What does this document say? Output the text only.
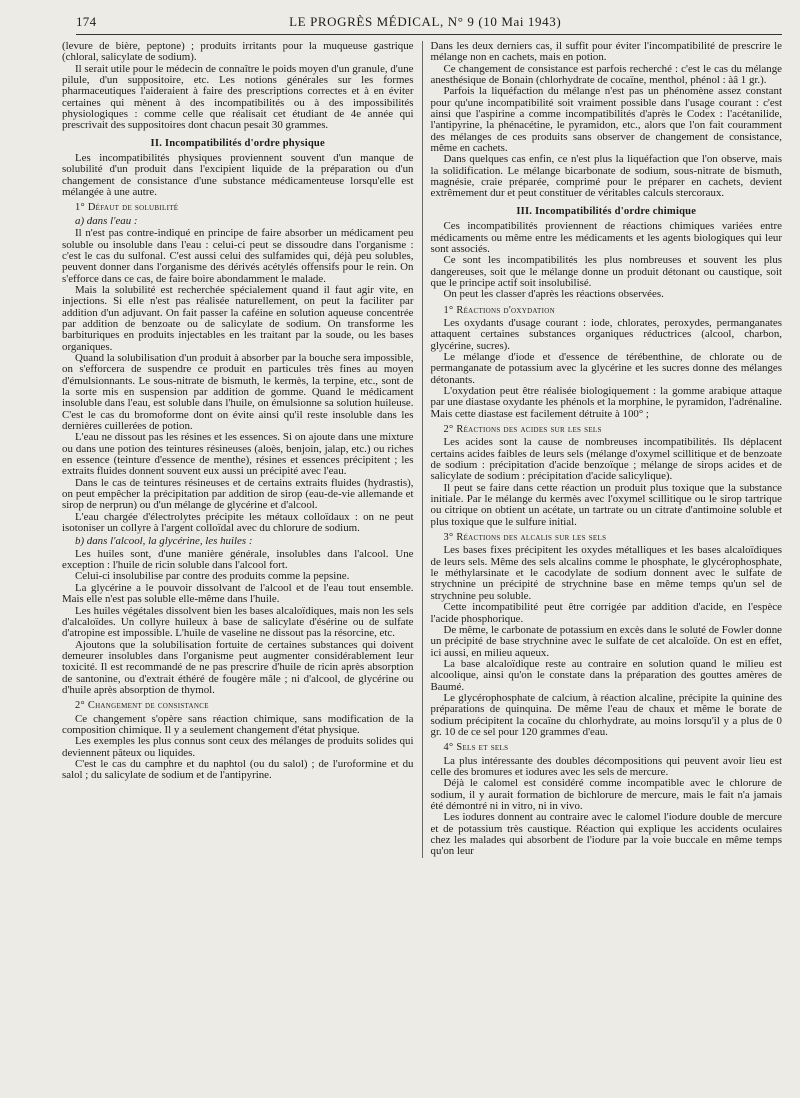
174	LE PROGRÈS MÉDICAL, N° 9 (10 Mai 1943)

(levure de bière, peptone) ; produits irritants pour la muqueuse gastrique (chloral, salicylate de sodium).

Il serait utile pour le médecin de connaître le poids moyen d'un granule, d'une pilule, d'un suppositoire, etc. Les notions générales sur les formes pharmaceutiques l'aideraient à faire des prescriptions correctes et à en éviter certaines qui mènent à des incompatibilités ou à des impossibilités physiologiques : comme celle que réalisait cet étudiant de 4e année qui prescrivait des suppositoires dont chacun pesait 30 grammes.

II. Incompatibilités d'ordre physique

Les incompatibilités physiques proviennent souvent d'un manque de solubilité d'un produit dans l'excipient liquide de la préparation ou d'un changement de consistance d'une substance médicamenteuse lorsqu'elle est mélangée à une autre.

1° Défaut de solubilité
a) dans l'eau :

Il n'est pas contre-indiqué en principe de faire absorber un médicament peu soluble ou insoluble dans l'eau : celui-ci peut se dissoudre dans l'organisme : c'est le cas du sulfonal. C'est aussi celui des sulfamides qui, déjà peu solubles, peuvent donner dans l'organisme des dérivés acétylés offensifs pour le rein. On s'efforce dans ce cas, de faire boire abondamment le malade.

Mais la solubilité est recherchée spécialement quand il faut agir vite, en injections. Si elle n'est pas réalisée naturellement, on peut la faciliter par addition d'un adjuvant. On fait passer la caféine en solution aqueuse concentrée par addition de benzoate ou de salicylate de sodium. On transforme les barbituriques en produits injectables en les traitant par la soude, ou les bases organiques.

Quand la solubilisation d'un produit à absorber par la bouche sera impossible, on s'efforcera de suspendre ce produit en particules très fines au moyen d'émulsionnants. Le sous-nitrate de bismuth, le kermès, la terpine, etc., sont de la sorte mis en suspension par addition de gomme. Quand le médicament insoluble dans l'eau, est soluble dans l'huile, on émulsionne sa solution huileuse. C'est le cas du bromoforme dont on évite ainsi qu'il reste insoluble dans les dernières cuillerées de potion.

L'eau ne dissout pas les résines et les essences. Si on ajoute dans une mixture ou dans une potion des teintures résineuses (aloès, benjoin, jalap, etc.) ou riches en essence (teinture d'essence de menthe), résines et essences précipitent ; les extraits fluides donnent souvent eux aussi un précipité avec l'eau.

Dans le cas de teintures résineuses et de certains extraits fluides (hydrastis), on peut empêcher la précipitation par addition de sirop (eau-de-vie allemande et sirop de nerprun) ou d'un mélange de glycérine et d'alcool.

L'eau chargée d'électrolytes précipite les métaux colloïdaux : on ne peut isotoniser un collyre à l'argent colloïdal avec du chlorure de sodium.

b) dans l'alcool, la glycérine, les huiles :

Les huiles sont, d'une manière générale, insolubles dans l'alcool. Une exception : l'huile de ricin soluble dans l'alcool fort.

Celui-ci insolubilise par contre des produits comme la pepsine.

La glycérine a le pouvoir dissolvant de l'alcool et de l'eau tout ensemble. Mais elle n'est pas soluble elle-même dans l'huile.

Les huiles végétales dissolvent bien les bases alcaloïdiques, mais non les sels d'alcaloïdes. Un collyre huileux à base de salicylate d'ésérine ou de sulfate d'atropine est impossible. L'huile de vaseline ne dissout pas la résorcine, etc.

Ajoutons que la solubilisation fortuite de certaines substances qui doivent demeurer insolubles dans l'organisme peut augmenter considérablement leur toxicité. Il est recommandé de ne pas prescrire d'huile de ricin après absorption de santonine, ou d'extrait éthéré de fougère mâle ; ni d'alcool, de glycérine ou d'huile après absorption de thymol.

2° Changement de consistance

Ce changement s'opère sans réaction chimique, sans modification de la composition chimique. Il y a seulement changement d'état physique.

Les exemples les plus connus sont ceux des mélanges de produits solides qui deviennent pâteux ou liquides.

C'est le cas du camphre et du naphtol (ou du salol) ; de l'uroformine et du salol ; du salicylate de sodium et de l'antipyrine.

Dans les deux derniers cas, il suffit pour éviter l'incompatibilité de prescrire le mélange non en cachets, mais en potion.

Ce changement de consistance est parfois recherché : c'est le cas du mélange anesthésique de Bonain (chlorhydrate de cocaïne, menthol, phénol : àâ 1 gr.).

Parfois la liquéfaction du mélange n'est pas un phénomène assez constant pour qu'une incompatibilité soit vraiment possible dans l'usage courant : c'est ainsi que l'aspirine a comme incompatibilités d'après le Codex : l'acétanilide, l'antipyrine, la phénacétine, le pyramidon, etc., alors que l'on fait couramment des mélanges de ces produits sans observer de changement de consistance, même en cachets.

Dans quelques cas enfin, ce n'est plus la liquéfaction que l'on observe, mais la solidification. Le mélange bicarbonate de sodium, sous-nitrate de bismuth, magnésie, craie préparée, comprimé pour le préparer en cachets, devient extrêmement dur et peut constituer de véritables calculs stercoraux.

III. Incompatibilités d'ordre chimique

Ces incompatibilités proviennent de réactions chimiques variées entre médicaments ou même entre les médicaments et les agents biologiques qui leur sont associés.

Ce sont les incompatibilités les plus nombreuses et souvent les plus dangereuses, soit que le mélange donne un produit détonant ou caustique, soit que le principe actif soit insolubilisé.

On peut les classer d'après les réactions observées.

1° Réactions d'oxydation

Les oxydants d'usage courant : iode, chlorates, peroxydes, permanganates attaquent certaines substances organiques réductrices (alcool, charbon, glycérine, sucres).

Le mélange d'iode et d'essence de térébenthine, de chlorate ou de permanganate de potassium avec la glycérine et les sucres donne des mélanges détonants.

L'oxydation peut être réalisée biologiquement : la gomme arabique attaque par une diastase oxydante les phénols et la morphine, le pyramidon, l'adrénaline. Mais cette diastase est facilement détruite à 100° ;

2° Réactions des acides sur les sels

Les acides sont la cause de nombreuses incompatibilités. Ils déplacent certains acides faibles de leurs sels (mélange d'oxymel scillitique et de benzoate de sodium : précipitation d'acide benzoïque ; mélange de sirops acides et de salicylate de sodium : précipitation d'acide salicylique).

Il peut se faire dans cette réaction un produit plus toxique que la substance initiale. Par le mélange du kermès avec l'oxymel scillitique ou le sirop tartrique ou citrique on obtient un acétate, un tartrate ou un citrate d'antimoine soluble et plus toxique que le sulfure initial.

3° Réactions des alcalis sur les sels

Les bases fixes précipitent les oxydes métalliques et les bases alcaloïdiques de leurs sels. Même des sels alcalins comme le phosphate, le glycérophosphate, le méthylarsinate et le cacodylate de sodium donnent avec le sulfate de strychnine un précipité de strychnine base en même temps qu'un sel de strychnine peu soluble.

Cette incompatibilité peut être corrigée par addition d'acide, en l'espèce l'acide phosphorique.

De même, le carbonate de potassium en excès dans le soluté de Fowler donne un précipité de base strychnine avec le sulfate de cet alcaloïde. On est en effet, ici aussi, en milieu aqueux.

La base alcaloïdique reste au contraire en solution quand le milieu est alcoolique, ainsi qu'on le constate dans la préparation des gouttes amères de Baumé.

Le glycérophosphate de calcium, à réaction alcaline, précipite la quinine des préparations de quinquina. De même l'eau de chaux et même le borate de sodium précipitent la cocaïne du chlorhydrate, au moins lorsqu'il y a plus de 0 gr. 10 de ce sel pour 120 grammes d'eau.

4° Sels et sels

La plus intéressante des doubles décompositions qui peuvent avoir lieu est celle des bromures et iodures avec les sels de mercure.

Déjà le calomel est considéré comme incompatible avec le chlorure de sodium, il y aurait formation de bichlorure de mercure, mais le fait n'a jamais été démontré ni in vitro, ni in vivo.

Les iodures donnent au contraire avec le calomel l'iodure double de mercure et de potassium très caustique. Réaction qui explique les accidents oculaires chez les malades qui absorbent de l'iodure par la voie buccale en même temps qu'on leur
